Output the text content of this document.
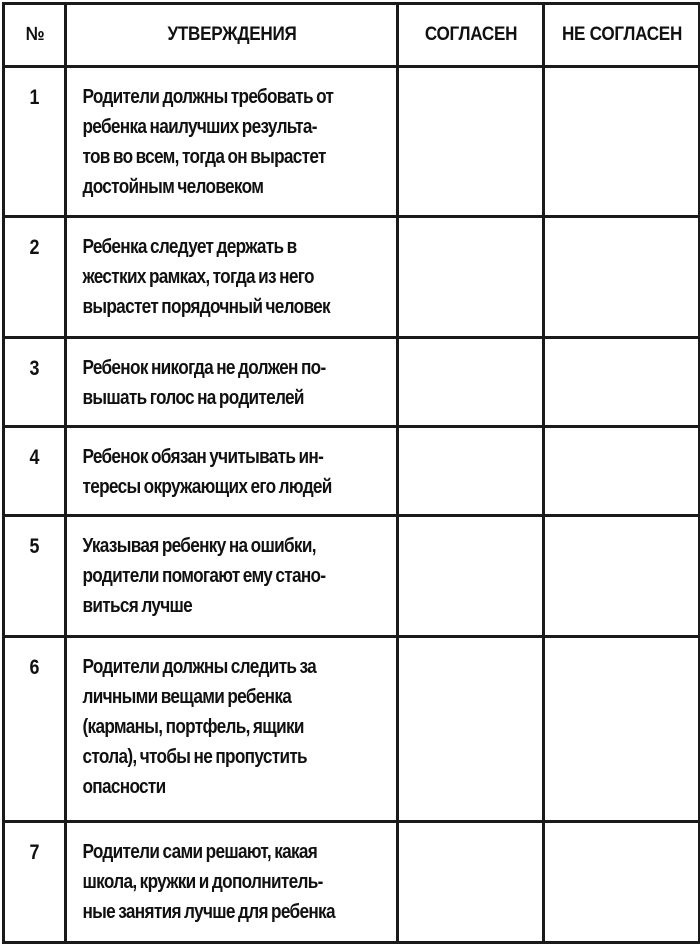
№	УТВЕРЖДЕНИЯ	СОГЛАСЕН	НЕ СОГЛАСЕН

1	Родители должны требовать от
ребенка наилучших результа-
тов во всем, тогда он вырастет
достойным человеком		

2	Ребенка следует держать в
жестких рамках, тогда из него
вырастет порядочный человек		

3	Ребенок никогда не должен по-
вышать голос на родителей		

4	Ребенок обязан учитывать ин-
тересы окружающих его людей		

5	Указывая ребенку на ошибки,
родители помогают ему стано-
виться лучше		

6	Родители должны следить за
личными вещами ребенка
(карманы, портфель, ящики
стола), чтобы не пропустить
опасности		

7	Родители сами решают, какая
школа, кружки и дополнитель-
ные занятия лучше для ребенка		
